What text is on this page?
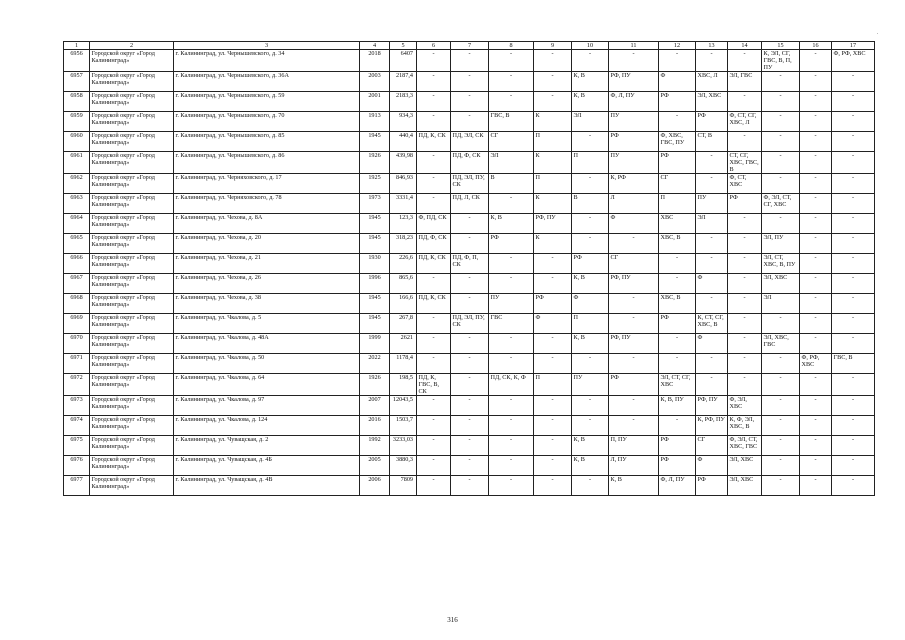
.
1	2	3	4	5	6	7	8	9	10	11	12	13	14	15	16	17
6956	Городской округ «Город Калининград»	г. Калининград, ул. Чернышевского, д. 34	2018	6407	-	-	-	-	-	-	-	-	-	К, ЭЛ, СГ, ГВС, В, П, ПУ	-	Ф, РФ, ХВС
6957	Городской округ «Город Калининград»	г. Калининград, ул. Чернышевского, д. 36А	2003	2187,4	-	-	-	-	К, В	РФ, ПУ	Ф	ХВС, Л	ЭЛ, ГВС	-	-	-
6958	Городской округ «Город Калининград»	г. Калининград, ул. Чернышевского, д. 59	2001	2183,3	-	-	-	-	К, В	Ф, Л, ПУ	РФ	ЭЛ, ХВС	-	-	-	-
6959	Городской округ «Город Калининград»	г. Калининград, ул. Чернышевского, д. 70	1913	934,3	-	-	ГВС, В	К	ЭЛ	ПУ	-	РФ	Ф, СТ, СГ, ХВС, Л	-	-	-
6960	Городской округ «Город Калининград»	г. Калининград, ул. Чернышевского, д. 85	1945	440,4	ПД, К, СК	ПД, ЭЛ, СК	СГ	П	-	РФ	Ф, ХВС, ГВС, ПУ	СТ, В	-	-	-	-
6961	Городской округ «Город Калининград»	г. Калининград, ул. Чернышевского, д. 86	1926	439,98	-	ПД, Ф, СК	ЭЛ	К	П	ПУ	РФ	-	СТ, СГ, ХВС, ГВС, В	-	-	-
6962	Городской округ «Город Калининград»	г. Калининград, ул. Черняховского, д. 17	1925	846,93	-	ПД, ЭЛ, ПУ, СК	В	П	-	К, РФ	СГ	-	Ф, СТ, ХВС	-	-	-
6963	Городской округ «Город Калининград»	г. Калининград, ул. Черняховского, д. 78	1973	3331,4	-	ПД, Л, СК	-	К	В	Л	П	ПУ	РФ	Ф, ЭЛ, СТ, СГ, ХВС	-	-
6964	Городской округ «Город Калининград»	г. Калининград, ул. Чехова, д. 8А	1945	123,3	Ф, ПД, СК	-	К, В	РФ, ПУ	-	Ф	ХВС	ЭЛ	-	-	-	-
6965	Городской округ «Город Калининград»	г. Калининград, ул. Чехова, д. 20	1945	318,23	ПД, Ф, СК	-	РФ	К	-	-	ХВС, В	-	-	ЭЛ, ПУ	-	-
6966	Городской округ «Город Калининград»	г. Калининград, ул. Чехова, д. 21	1930	226,6	ПД, К, СК	ПД, Ф, П, СК	-	-	РФ	СГ	-	-	-	ЭЛ, СТ, ХВС, В, ПУ	-	-
6967	Городской округ «Город Калининград»	г. Калининград, ул. Чехова, д. 26	1996	865,6	-	-	-	-	К, В	РФ, ПУ	-	Ф	-	ЭЛ, ХВС	-	-
6968	Городской округ «Город Калининград»	г. Калининград, ул. Чехова, д. 38	1945	166,6	ПД, К, СК	-	ПУ	РФ	Ф	-	ХВС, В	-	-	ЭЛ	-	-
6969	Городской округ «Город Калининград»	г. Калининград, ул. Чкалова, д. 5	1945	267,8	-	ПД, ЭЛ, ПУ, СК	ГВС	Ф	П	-	РФ	К, СТ, СГ, ХВС, В	-	-	-	-
6970	Городской округ «Город Калининград»	г. Калининград, ул. Чкалова, д. 48А	1999	2621	-	-	-	-	К, В	РФ, ПУ	-	Ф	-	ЭЛ, ХВС, ГВС	-	-
6971	Городской округ «Город Калининград»	г. Калининград, ул. Чкалова, д. 50	2022	1178,4	-	-	-	-	-	-	-	-	-	-	Ф, РФ, ХВС	ГВС, В
6972	Городской округ «Город Калининград»	г. Калининград, ул. Чкалова, д. 64	1926	198,5	ПД, К, ГВС, В, СК	-	ПД, СК, К, Ф	П	ПУ	РФ	ЭЛ, СТ, СГ, ХВС	-	-	-	-	-
6973	Городской округ «Город Калининград»	г. Калининград, ул. Чкалова, д. 97	2007	12043,5	-	-	-	-	-	-	К, В, ПУ	РФ, ПУ	Ф, ЭЛ, ХВС	-	-	-
6974	Городской округ «Город Калининград»	г. Калининград, ул. Чкалова, д. 124	2016	1503,7	-	-	-	-	-	-	-	К, РФ, ПУ	К, Ф, ЭЛ, ХВС, В	-	-	-
6975	Городской округ «Город Калининград»	г. Калининград, ул. Чуващская, д. 2	1992	3233,03	-	-	-	-	К, В	П, ПУ	РФ	СГ	Ф, ЭЛ, СТ, ХВС, ГВС	-	-	-
6976	Городской округ «Город Калининград»	г. Калининград, ул. Чуващская, д. 4Б	2005	3880,3	-	-	-	-	К, В	Л, ПУ	РФ	Ф	ЭЛ, ХВС	-	-	-
6977	Городской округ «Город Калининград»	г. Калининград, ул. Чуващская, д. 4В	2006	7809	-	-	-	-	-	К, В	Ф, Л, ПУ	РФ	ЭЛ, ХВС	-	-	-
316
